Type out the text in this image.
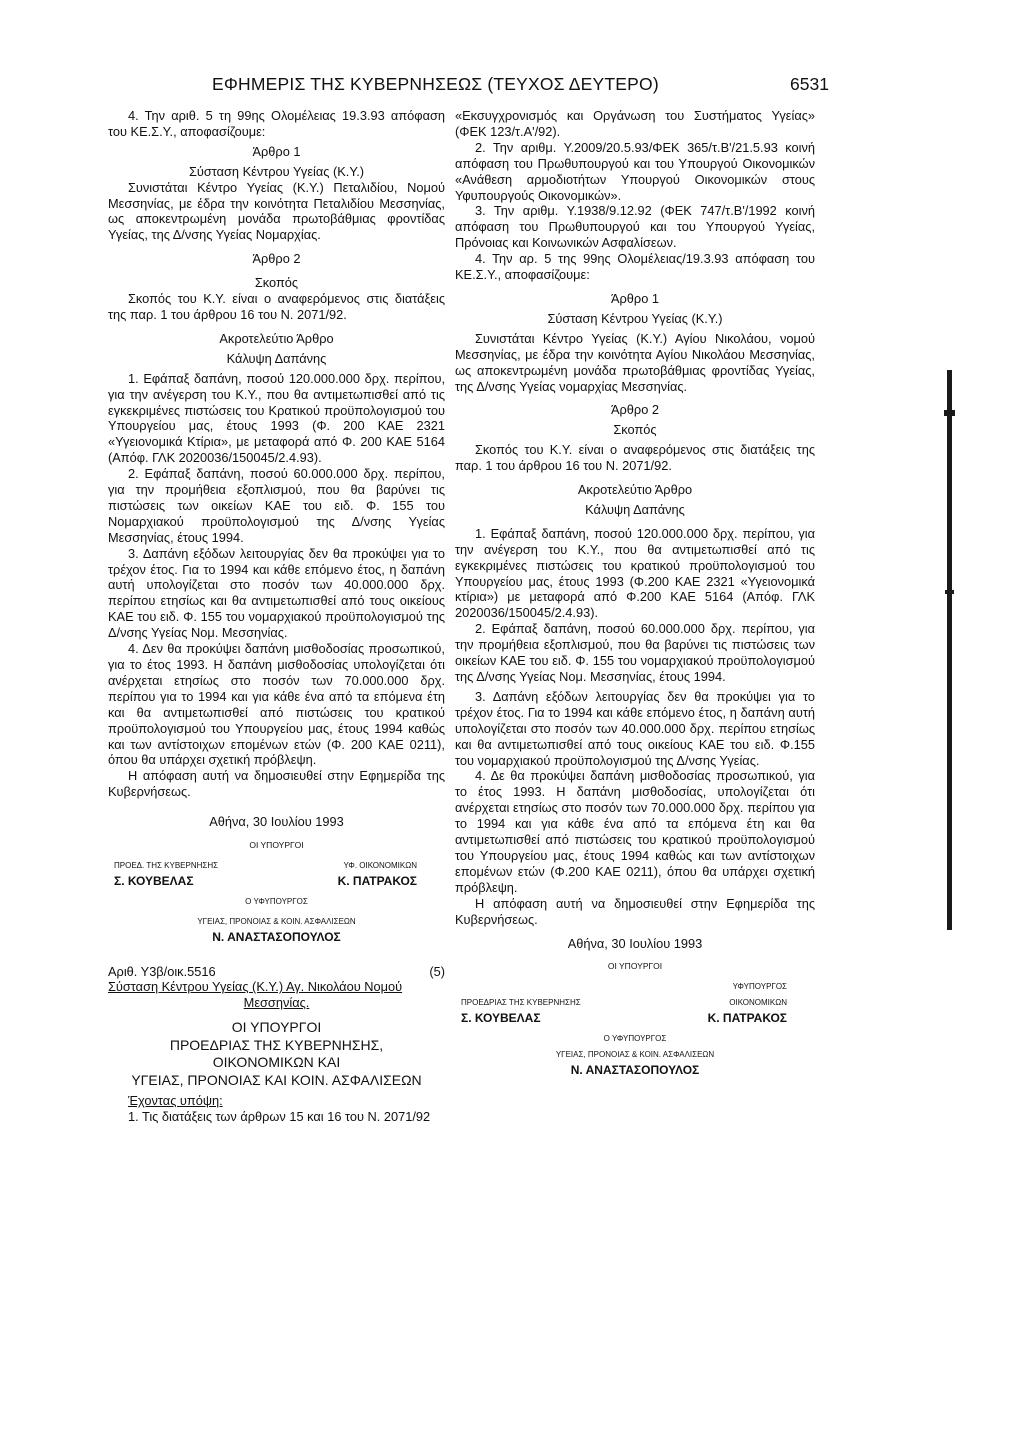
ΕΦΗΜΕΡΙΣ ΤΗΣ ΚΥΒΕΡΝΗΣΕΩΣ (ΤΕΥΧΟΣ ΔΕΥΤΕΡΟ)	6531

4. Την αριθ. 5 τη 99ης Ολομέλειας 19.3.93 απόφαση του ΚΕ.Σ.Υ., αποφασίζουμε:

Άρθρο 1

Σύσταση Κέντρου Υγείας (Κ.Υ.)

Συνιστάται Κέντρο Υγείας (Κ.Υ.) Πεταλιδίου, Νομού Μεσσηνίας, με έδρα την κοινότητα Πεταλιδίου Μεσσηνίας, ως αποκεντρωμένη μονάδα πρωτοβάθμιας φροντίδας Υγείας, της Δ/νσης Υγείας Νομαρχίας.

Άρθρο 2

Σκοπός

Σκοπός του Κ.Υ. είναι ο αναφερόμενος στις διατάξεις της παρ. 1 του άρθρου 16 του Ν. 2071/92.

Ακροτελεύτιο Άρθρο

Κάλυψη Δαπάνης

1. Εφάπαξ δαπάνη, ποσού 120.000.000 δρχ. περίπου, για την ανέγερση του Κ.Υ., που θα αντιμετωπισθεί από τις εγκεκριμένες πιστώσεις του Κρατικού προϋπολογισμού του Υπουργείου μας, έτους 1993 (Φ. 200 ΚΑΕ 2321 «Υγειονομικά Κτίρια», με μεταφορά από Φ. 200 ΚΑΕ 5164 (Απόφ. ΓΛΚ 2020036/150045/2.4.93).

2. Εφάπαξ δαπάνη, ποσού 60.000.000 δρχ. περίπου, για την προμήθεια εξοπλισμού, που θα βαρύνει τις πιστώσεις των οικείων ΚΑΕ του ειδ. Φ. 155 του Νομαρχιακού προϋπολογισμού της Δ/νσης Υγείας Μεσσηνίας, έτους 1994.

3. Δαπάνη εξόδων λειτουργίας δεν θα προκύψει για το τρέχον έτος. Για το 1994 και κάθε επόμενο έτος, η δαπάνη αυτή υπολογίζεται στο ποσόν των 40.000.000 δρχ. περίπου ετησίως και θα αντιμετωπισθεί από τους οικείους ΚΑΕ του ειδ. Φ. 155 του νομαρχιακού προϋπολογισμού της Δ/νσης Υγείας Νομ. Μεσσηνίας.

4. Δεν θα προκύψει δαπάνη μισθοδοσίας προσωπικού, για το έτος 1993. Η δαπάνη μισθοδοσίας υπολογίζεται ότι ανέρχεται ετησίως στο ποσόν των 70.000.000 δρχ. περίπου για το 1994 και για κάθε ένα από τα επόμενα έτη και θα αντιμετωπισθεί από πιστώσεις του κρατικού προϋπολογισμού του Υπουργείου μας, έτους 1994 καθώς και των αντίστοιχων επομένων ετών (Φ. 200 ΚΑΕ 0211), όπου θα υπάρχει σχετική πρόβλεψη.

Η απόφαση αυτή να δημοσιευθεί στην Εφημερίδα της Κυβερνήσεως.

Αθήνα, 30 Ιουλίου 1993

ΟΙ ΥΠΟΥΡΓΟΙ

ΠΡΟΕΔ. ΤΗΣ ΚΥΒΕΡΝΗΣΗΣ	ΥΦ. ΟΙΚΟΝΟΜΙΚΩΝ
Σ. ΚΟΥΒΕΛΑΣ	Κ. ΠΑΤΡΑΚΟΣ

Ο ΥΦΥΠΟΥΡΓΟΣ

ΥΓΕΙΑΣ, ΠΡΟΝΟΙΑΣ & ΚΟΙΝ. ΑΣΦΑΛΙΣΕΩΝ

Ν. ΑΝΑΣΤΑΣΟΠΟΥΛΟΣ

Αριθ. Υ3β/οικ.5516	(5)

Σύσταση Κέντρου Υγείας (Κ.Υ.) Αγ. Νικολάου Νομού

Μεσσηνίας.

ΟΙ ΥΠΟΥΡΓΟΙ
ΠΡΟΕΔΡΙΑΣ ΤΗΣ ΚΥΒΕΡΝΗΣΗΣ,
ΟΙΚΟΝΟΜΙΚΩΝ ΚΑΙ
ΥΓΕΙΑΣ, ΠΡΟΝΟΙΑΣ ΚΑΙ ΚΟΙΝ. ΑΣΦΑΛΙΣΕΩΝ

Έχοντας υπόψη:

1. Τις διατάξεις των άρθρων 15 και 16 του Ν. 2071/92

«Εκσυγχρονισμός και Οργάνωση του Συστήματος Υγείας» (ΦΕΚ 123/τ.Α'/92).

2. Την αριθμ. Υ.2009/20.5.93/ΦΕΚ 365/τ.Β'/21.5.93 κοινή απόφαση του Πρωθυπουργού και του Υπουργού Οικονομικών «Ανάθεση αρμοδιοτήτων Υπουργού Οικονομικών στους Υφυπουργούς Οικονομικών».

3. Την αριθμ. Υ.1938/9.12.92 (ΦΕΚ 747/τ.Β'/1992 κοινή απόφαση του Πρωθυπουργού και του Υπουργού Υγείας, Πρόνοιας και Κοινωνικών Ασφαλίσεων.

4. Την αρ. 5 της 99ης Ολομέλειας/19.3.93 απόφαση του ΚΕ.Σ.Υ., αποφασίζουμε:

Άρθρο 1

Σύσταση Κέντρου Υγείας (Κ.Υ.)

Συνιστάται Κέντρο Υγείας (Κ.Υ.) Αγίου Νικολάου, νομού Μεσσηνίας, με έδρα την κοινότητα Αγίου Νικολάου Μεσσηνίας, ως αποκεντρωμένη μονάδα πρωτοβάθμιας φροντίδας Υγείας, της Δ/νσης Υγείας νομαρχίας Μεσσηνίας.

Άρθρο 2

Σκοπός

Σκοπός του Κ.Υ. είναι ο αναφερόμενος στις διατάξεις της παρ. 1 του άρθρου 16 του Ν. 2071/92.

Ακροτελεύτιο Άρθρο

Κάλυψη Δαπάνης

1. Εφάπαξ δαπάνη, ποσού 120.000.000 δρχ. περίπου, για την ανέγερση του Κ.Υ., που θα αντιμετωπισθεί από τις εγκεκριμένες πιστώσεις του κρατικού προϋπολογισμού του Υπουργείου μας, έτους 1993 (Φ.200 ΚΑΕ 2321 «Υγειονομικά κτίρια») με μεταφορά από Φ.200 ΚΑΕ 5164 (Απόφ. ΓΛΚ 2020036/150045/2.4.93).

2. Εφάπαξ δαπάνη, ποσού 60.000.000 δρχ. περίπου, για την προμήθεια εξοπλισμού, που θα βαρύνει τις πιστώσεις των οικείων ΚΑΕ του ειδ. Φ. 155 του νομαρχιακού προϋπολογισμού της Δ/νσης Υγείας Νομ. Μεσσηνίας, έτους 1994.

3. Δαπάνη εξόδων λειτουργίας δεν θα προκύψει για το τρέχον έτος. Για το 1994 και κάθε επόμενο έτος, η δαπάνη αυτή υπολογίζεται στο ποσόν των 40.000.000 δρχ. περίπου ετησίως και θα αντιμετωπισθεί από τους οικείους ΚΑΕ του ειδ. Φ.155 του νομαρχιακού προϋπολογισμού της Δ/νσης Υγείας.

4. Δε θα προκύψει δαπάνη μισθοδοσίας προσωπικού, για το έτος 1993. Η δαπάνη μισθοδοσίας, υπολογίζεται ότι ανέρχεται ετησίως στο ποσόν των 70.000.000 δρχ. περίπου για το 1994 και για κάθε ένα από τα επόμενα έτη και θα αντιμετωπισθεί από πιστώσεις του κρατικού προϋπολογισμού του Υπουργείου μας, έτους 1994 καθώς και των αντίστοιχων επομένων ετών (Φ.200 ΚΑΕ 0211), όπου θα υπάρχει σχετική πρόβλεψη.

Η απόφαση αυτή να δημοσιευθεί στην Εφημερίδα της Κυβερνήσεως.

Αθήνα, 30 Ιουλίου 1993

ΟΙ ΥΠΟΥΡΓΟΙ

ΥΦΥΠΟΥΡΓΟΣ
ΠΡΟΕΔΡΙΑΣ ΤΗΣ ΚΥΒΕΡΝΗΣΗΣ	ΟΙΚΟΝΟΜΙΚΩΝ
Σ. ΚΟΥΒΕΛΑΣ	Κ. ΠΑΤΡΑΚΟΣ

Ο ΥΦΥΠΟΥΡΓΟΣ

ΥΓΕΙΑΣ, ΠΡΟΝΟΙΑΣ & ΚΟΙΝ. ΑΣΦΑΛΙΣΕΩΝ

Ν. ΑΝΑΣΤΑΣΟΠΟΥΛΟΣ
